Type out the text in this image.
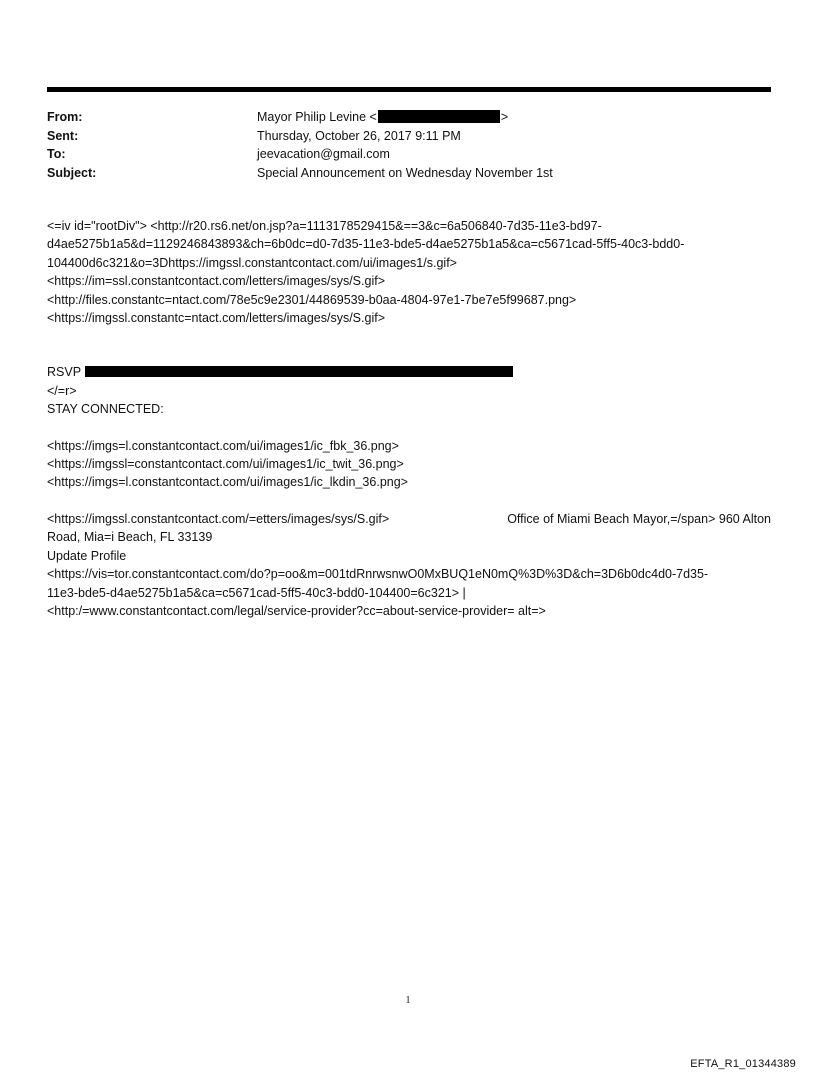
From:	Mayor Philip Levine <	>
Sent:	Thursday, October 26, 2017 9:11 PM
To:	jeevacation@gmail.com
Subject:	Special Announcement on Wednesday November 1st

<=iv id="rootDiv"> <http://r20.rs6.net/on.jsp?a=1113178529415&==3&c=6a506840-7d35-11e3-bd97-

d4ae5275b1a5&d=1129246843893&ch=6b0dc=d0-7d35-11e3-bde5-d4ae5275b1a5&ca=c5671cad-5ff5-40c3-bdd0-

104400d6c321&o=3Dhttps://imgssl.constantcontact.com/ui/images1/s.gif>

<https://im=ssl.constantcontact.com/letters/images/sys/S.gif>

<http://files.constantc=ntact.com/78e5c9e2301/44869539-b0aa-4804-97e1-7be7e5f99687.png>

<https://imgssl.constantc=ntact.com/letters/images/sys/S.gif>

RSVP

</=r>

STAY CONNECTED:

<https://imgs=l.constantcontact.com/ui/images1/ic_fbk_36.png>

<https://imgssl=constantcontact.com/ui/images1/ic_twit_36.png>

<https://imgs=l.constantcontact.com/ui/images1/ic_lkdin_36.png>

<https://imgssl.constantcontact.com/=etters/images/sys/S.gif>	Office of Miami Beach Mayor,=/span> 960 Alton

Road, Mia=i Beach, FL 33139

Update Profile

<https://vis=tor.constantcontact.com/do?p=oo&m=001tdRnrwsnwO0MxBUQ1eN0mQ%3D%3D&ch=3D6b0dc4d0-7d35-

11e3-bde5-d4ae5275b1a5&ca=c5671cad-5ff5-40c3-bdd0-104400=6c321> |

<http:/=www.constantcontact.com/legal/service-provider?cc=about-service-provider= alt=>

1
EFTA_R1_01344389
